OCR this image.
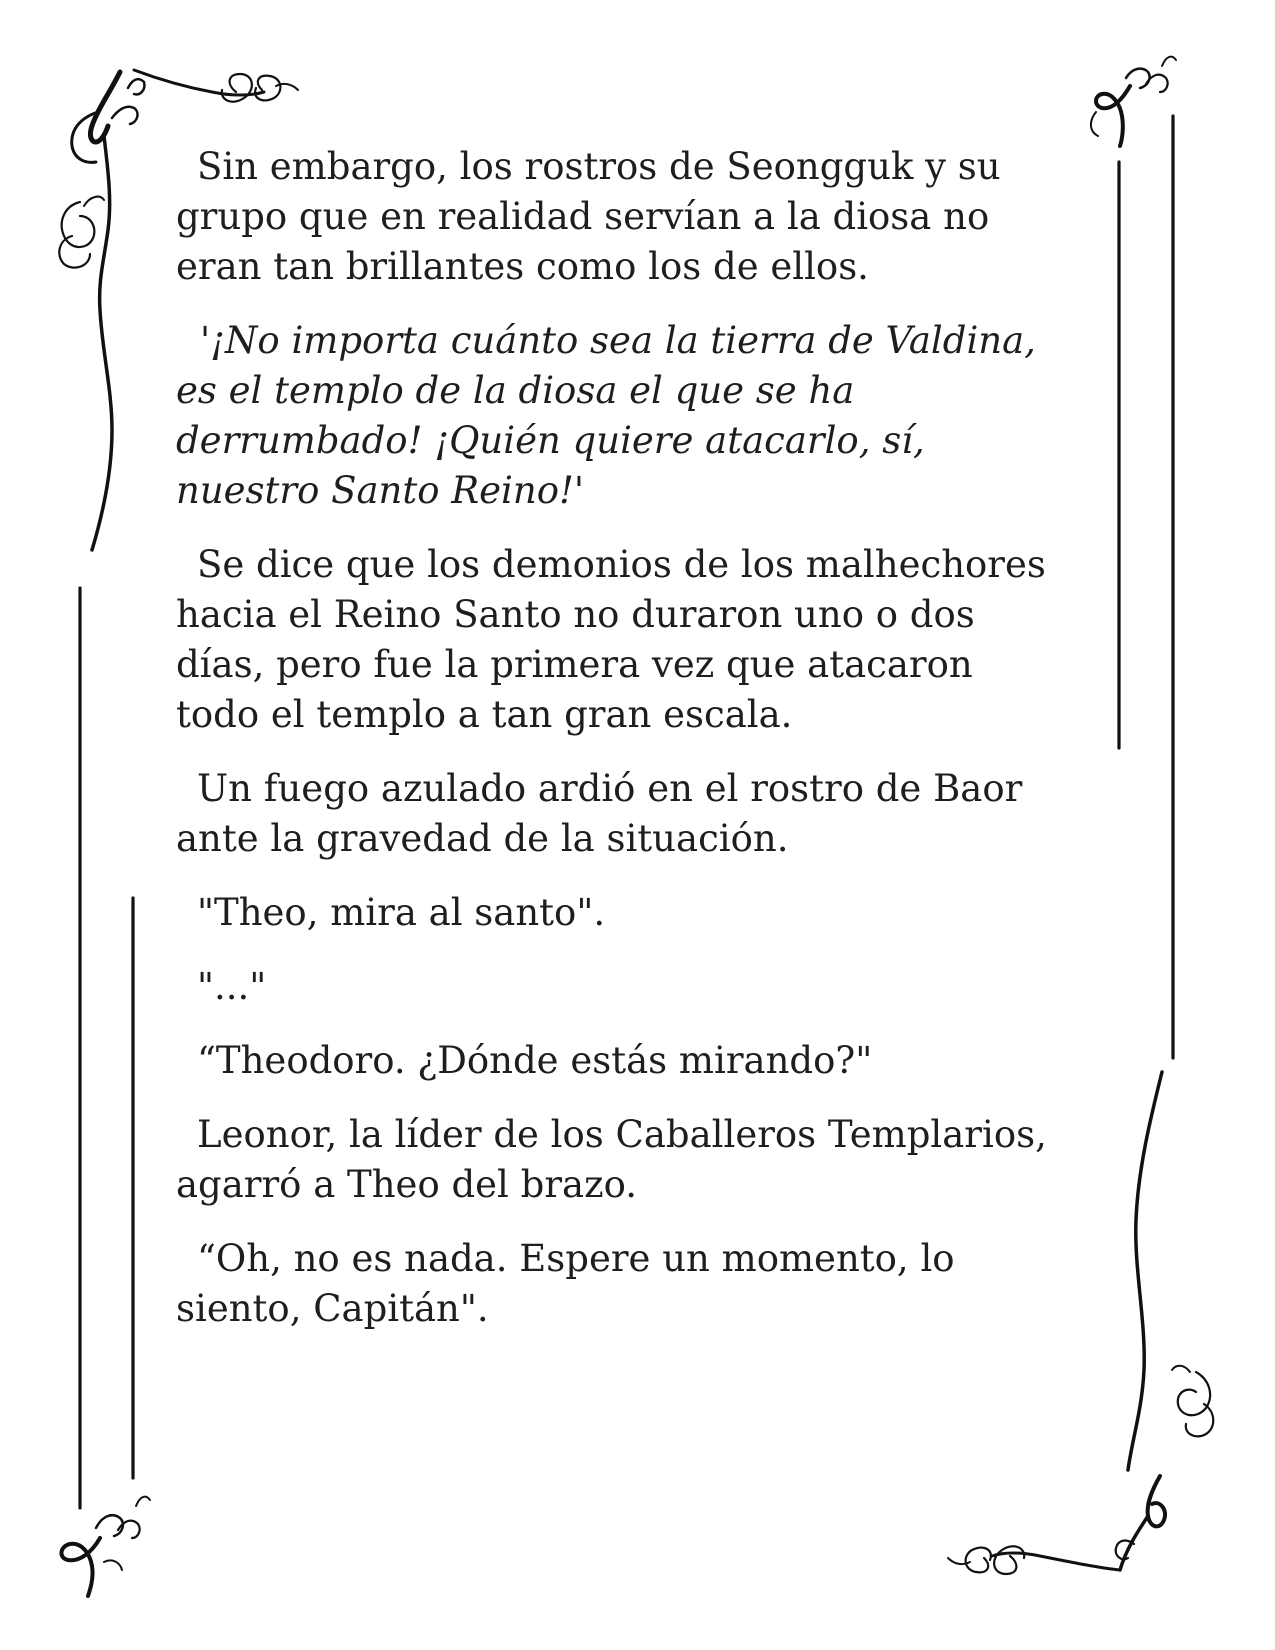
Sin embargo, los rostros de Seongguk y su
grupo que en realidad servían a la diosa no
eran tan brillantes como los de ellos.

'¡No importa cuánto sea la tierra de Valdina,
es el templo de la diosa el que se ha
derrumbado! ¡Quién quiere atacarlo, sí,
nuestro Santo Reino!'

Se dice que los demonios de los malhechores
hacia el Reino Santo no duraron uno o dos
días, pero fue la primera vez que atacaron
todo el templo a tan gran escala.

Un fuego azulado ardió en el rostro de Baor
ante la gravedad de la situación.

"Theo, mira al santo".

"..."

“Theodoro. ¿Dónde estás mirando?"

Leonor, la líder de los Caballeros Templarios,
agarró a Theo del brazo.

“Oh, no es nada. Espere un momento, lo
siento, Capitán".
